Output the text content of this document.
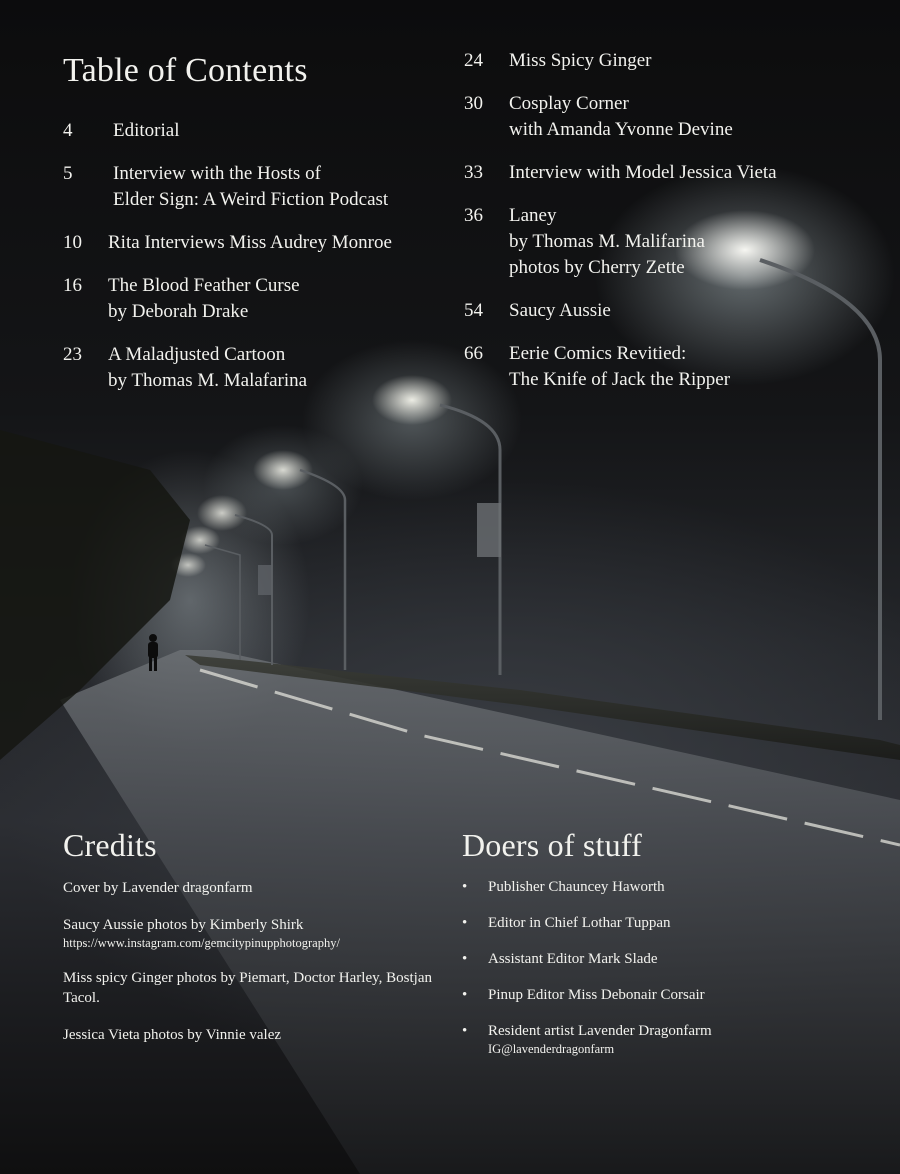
Table of Contents
4	Editorial
5	Interview with the Hosts of
Elder Sign: A Weird Fiction Podcast
10	Rita Interviews Miss Audrey Monroe
16	The Blood Feather Curse
by Deborah Drake
23	A Maladjusted Cartoon
by Thomas M. Malafarina
24	Miss Spicy Ginger
30	Cosplay Corner
with Amanda Yvonne Devine
33	Interview with Model Jessica Vieta
36	Laney
by Thomas M. Malifarina
photos by Cherry Zette
54	Saucy Aussie
66	Eerie Comics Revitied:
The Knife of Jack the Ripper
Credits
Cover by Lavender dragonfarm
Saucy Aussie photos by Kimberly Shirk
https://www.instagram.com/gemcitypinupphotography/
Miss spicy Ginger photos by Piemart, Doctor Harley, Bostjan Tacol.
Jessica Vieta photos by Vinnie valez
Doers of stuff
• Publisher Chauncey Haworth
• Editor in Chief Lothar Tuppan
• Assistant Editor Mark Slade
• Pinup Editor Miss Debonair Corsair
• Resident artist Lavender Dragonfarm
IG@lavenderdragonfarm
